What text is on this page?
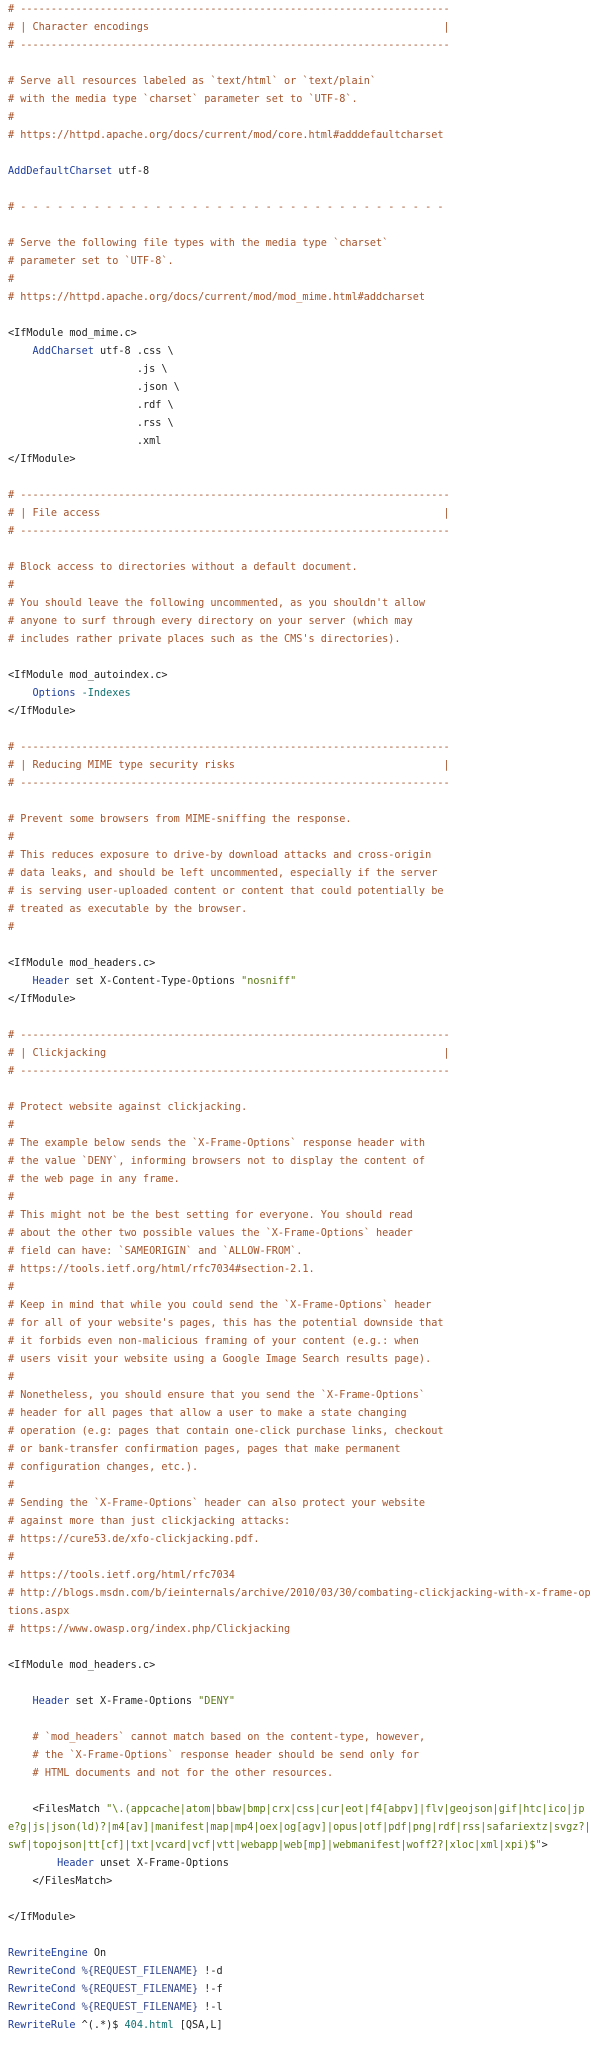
# ----------------------------------------------------------------------
# | Character encodings                                                |
# ----------------------------------------------------------------------
# Serve all resources labeled as `text/html` or `text/plain`
# with the media type `charset` parameter set to `UTF-8`.
#
# https://httpd.apache.org/docs/current/mod/core.html#adddefaultcharset
AddDefaultCharset utf-8
# - - - - - - - - - - - - - - - - - - - - - - - - - - - - - - - - - - -
# Serve the following file types with the media type `charset`
# parameter set to `UTF-8`.
#
# https://httpd.apache.org/docs/current/mod/mod_mime.html#addcharset
<IfModule mod_mime.c>
AddCharset utf-8 .css \
.js \
.json \
.rdf \
.rss \
.xml
</IfModule>
# ----------------------------------------------------------------------
# | File access                                                        |
# ----------------------------------------------------------------------
# Block access to directories without a default document.
#
# You should leave the following uncommented, as you shouldn't allow
# anyone to surf through every directory on your server (which may
# includes rather private places such as the CMS's directories).
<IfModule mod_autoindex.c>
Options -Indexes
</IfModule>
# ----------------------------------------------------------------------
# | Reducing MIME type security risks                                  |
# ----------------------------------------------------------------------
# Prevent some browsers from MIME-sniffing the response.
#
# This reduces exposure to drive-by download attacks and cross-origin
# data leaks, and should be left uncommented, especially if the server
# is serving user-uploaded content or content that could potentially be
# treated as executable by the browser.
#
<IfModule mod_headers.c>
Header set X-Content-Type-Options "nosniff"
</IfModule>
# ----------------------------------------------------------------------
# | Clickjacking                                                       |
# ----------------------------------------------------------------------
# Protect website against clickjacking.
#
# The example below sends the `X-Frame-Options` response header with
# the value `DENY`, informing browsers not to display the content of
# the web page in any frame.
#
# This might not be the best setting for everyone. You should read
# about the other two possible values the `X-Frame-Options` header
# field can have: `SAMEORIGIN` and `ALLOW-FROM`.
# https://tools.ietf.org/html/rfc7034#section-2.1.
#
# Keep in mind that while you could send the `X-Frame-Options` header
# for all of your website's pages, this has the potential downside that
# it forbids even non-malicious framing of your content (e.g.: when
# users visit your website using a Google Image Search results page).
#
# Nonetheless, you should ensure that you send the `X-Frame-Options`
# header for all pages that allow a user to make a state changing
# operation (e.g: pages that contain one-click purchase links, checkout
# or bank-transfer confirmation pages, pages that make permanent
# configuration changes, etc.).
#
# Sending the `X-Frame-Options` header can also protect your website
# against more than just clickjacking attacks:
# https://cure53.de/xfo-clickjacking.pdf.
#
# https://tools.ietf.org/html/rfc7034
# http://blogs.msdn.com/b/ieinternals/archive/2010/03/30/combating-clickjacking-with-x-frame-options.aspx
# https://www.owasp.org/index.php/Clickjacking
<IfModule mod_headers.c>
Header set X-Frame-Options "DENY"
# `mod_headers` cannot match based on the content-type, however,
# the `X-Frame-Options` response header should be send only for
# HTML documents and not for the other resources.
<FilesMatch "\.(appcache|atom|bbaw|bmp|crx|css|cur|eot|f4[abpv]|flv|geojson|gif|htc|ico|jpe?g|js|json(ld)?|m4[av]|manifest|map|mp4|oex|og[agv]|opus|otf|pdf|png|rdf|rss|safariextz|svgz?|swf|topojson|tt[cf]|txt|vcard|vcf|vtt|webapp|web[mp]|webmanifest|woff2?|xloc|xml|xpi)$">
Header unset X-Frame-Options
</FilesMatch>
</IfModule>
RewriteEngine On
RewriteCond %{REQUEST_FILENAME} !-d
RewriteCond %{REQUEST_FILENAME} !-f
RewriteCond %{REQUEST_FILENAME} !-l
RewriteRule ^(.*)$ 404.html [QSA,L]
